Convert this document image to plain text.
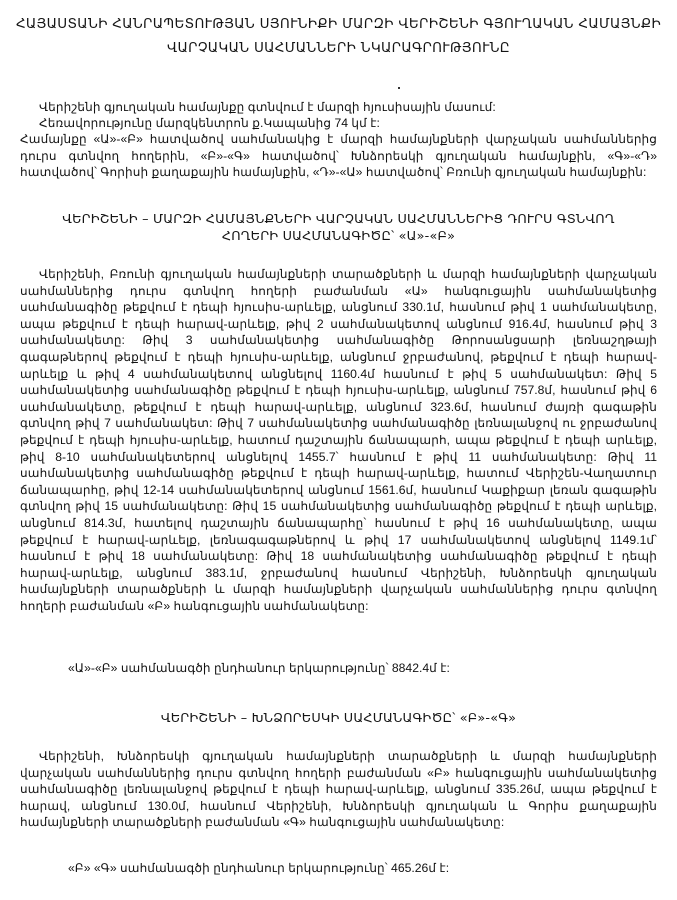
ՀԱՅԱՍՏԱՆԻ ՀԱՆՐԱՊԵՏՈՒԹՅԱՆ ՍՅՈՒՆԻՔԻ ՄԱՐԶԻ ՎԵՐԻՇԵՆԻ ԳՅՈՒՂԱԿԱՆ ՀԱՄԱՅՆՔԻ
ՎԱՐՉԱԿԱՆ ՍԱՀՄԱՆՆԵՐԻ ՆԿԱՐԱԳՐՈՒԹՅՈՒՆԸ
Վերիշենի գյուղական համայնքը գտնվում է մարզի հյուսիսային մասում:
Հեռավորությունը մարզկենտրոն ք.Կապանից 74 կմ է:
Համայնքը «Ա»-«Բ» հատվածով սահմանակից է մարզի համայնքների վարչական սահմաններից դուրս գտնվող հողերին, «Բ»-«Գ» հատվածով՝ Խնձորեսկի գյուղական համայնքին, «Գ»-«Դ» հատվածով՝ Գորիսի քաղաքային համայնքին, «Դ»-«Ա» հատվածով՝ Բռունի գյուղական համայնքին:
ՎԵՐԻՇԵՆԻ – ՄԱՐԶԻ ՀԱՄԱՅՆՔՆԵՐԻ ՎԱՐՉԱԿԱՆ ՍԱՀՄԱՆՆԵՐԻՑ ԴՈՒՐՍ ԳՏՆՎՈՂ
ՀՈՂԵՐԻ ՍԱՀՄԱՆԱԳԻԾԸ՝ «Ա»-«Բ»
Վերիշենի, Բռունի գյուղական համայնքների տարածքների և մարզի համայնքների վարչական սահմաններից դուրս գտնվող հողերի բաժանման «Ա» հանգուցային սահմանակետից սահմանագիծը թեքվում է դեպի հյուսիս-արևելք, անցնում 330.1մ, հասնում թիվ 1 սահմանակետը, ապա թեքվում է դեպի հարավ-արևելք, թիվ 2 սահմանակետով անցնում 916.4մ, հասնում թիվ 3 սահմանակետը: Թիվ 3 սահմանակետից սահմանագիծը Թորոսանցսարի լեռնաշղթայի գագաթներով թեքվում է դեպի հյուսիս-արևելք, անցնում ջրբաժանով, թեքվում է դեպի հարավ-արևելք և թիվ 4 սահմանակետով անցնելով 1160.4մ հասնում է թիվ 5 սահմանակետ: Թիվ 5 սահմանակետից սահմանագիծը թեքվում է դեպի հյուսիս-արևելք, անցնում 757.8մ, հասնում թիվ 6 սահմանակետը, թեքվում է դեպի հարավ-արևելք, անցնում 323.6մ, հասնում ժայռի գագաթին գտնվող թիվ 7 սահմանակետ: Թիվ 7 սահմանակետից սահմանագիծը լեռնալանջով ու ջրբաժանով թեքվում է դեպի հյուսիս-արևելք, հատում դաշտային ճանապարհ, ապա թեքվում է դեպի արևելք, թիվ 8-10 սահմանակետերով անցնելով 1455.7՝ հասնում է թիվ 11 սահմանակետը: Թիվ 11 սահմանակետից սահմանագիծը թեքվում է դեպի հարավ-արևելք, հատում Վերիշեն-Վաղատուր ճանապարհը, թիվ 12-14 սահմանակետերով անցնում 1561.6մ, հասնում Կաքիքար լեռան գագաթին գտնվող թիվ 15 սահմանակետը: Թիվ 15 սահմանակետից սահմանագիծը թեքվում է դեպի արևելք, անցնում 814.3մ, հատելով դաշտային ճանապարհը՝ հասնում է թիվ 16 սահմանակետը, ապա թեքվում է հարավ-արևելք, լեռնագագաթներով և թիվ 17 սահմանակետով անցնելով 1149.1մ՝ հասնում է թիվ 18 սահմանակետը: Թիվ 18 սահմանակետից սահմանագիծը թեքվում է դեպի հարավ-արևելք, անցնում 383.1մ, ջրբաժանով հասնում Վերիշենի, Խնձորեսկի գյուղական համայնքների տարածքների և մարզի համայնքների վարչական սահմաններից դուրս գտնվող հողերի բաժանման «Բ» հանգուցային սահմանակետը:
«Ա»-«Բ» սահմանագծի ընդհանուր երկարությունը՝ 8842.4մ է:
ՎԵՐԻՇԵՆԻ – ԽՆՁՈՐԵՍԿԻ ՍԱՀՄԱՆԱԳԻԾԸ՝ «Բ»-«Գ»
Վերիշենի, Խնձորեսկի գյուղական համայնքների տարածքների և մարզի համայնքների վարչական սահմաններից դուրս գտնվող հողերի բաժանման «Բ» հանգուցային սահմանակետից սահմանագիծը լեռնալանջով թեքվում է դեպի հարավ-արևելք, անցնում 335.26մ, ապա թեքվում է հարավ, անցնում 130.0մ, հասնում Վերիշենի, Խնձորեսկի գյուղական և Գորիս քաղաքային համայնքների տարածքների բաժանման «Գ» հանգուցային սահմանակետը:
«Բ» «Գ» սահմանագծի ընդհանուր երկարությունը՝ 465.26մ է:
